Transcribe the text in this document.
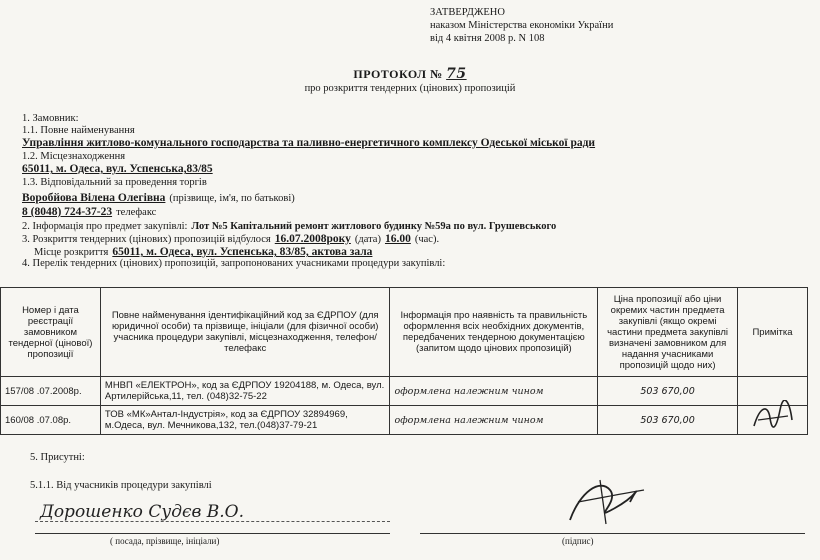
ЗАТВЕРДЖЕНО
наказом Міністерства економіки України
від 4 квітня 2008 р. N 108
ПРОТОКОЛ № 75
про розкриття тендерних (цінових) пропозицій
1. Замовник:
1.1. Повне найменування
Управління житлово-комунального господарства та паливно-енергетичного комплексу Одеської міської ради
1.2. Місцезнаходження
65011, м. Одеса, вул. Успенська,83/85
1.3. Відповідальний за проведення торгів
Воробйова Вілена Олегівна (прізвище, ім'я, по батькові)
8 (8048) 724-37-23 телефакс
2. Інформація про предмет закупівлі: Лот №5 Капітальний ремонт житлового будинку №59а по вул. Грушевського
3. Розкриття тендерних (цінових) пропозицій відбулося 16.07.2008року (дата) 16.00 (час).
Місце розкриття 65011, м. Одеса, вул. Успенська, 83/85, актова зала
4. Перелік тендерних (цінових) пропозицій, запропонованих учасниками процедури закупівлі:
Номер і дата реєстрації замовником тендерної (цінової) пропозиції	Повне найменування ідентифікаційний код за ЄДРПОУ (для юридичної особи) та прізвище, ініціали (для фізичної особи) учасника процедури закупівлі, місцезнаходження, телефон/телефакс	Інформація про наявність та правильність оформлення всіх необхідних документів, передбачених тендерною документацією (запитом щодо цінових пропозицій)	Ціна пропозиції або ціни окремих частин предмета закупівлі (якщо окремі частини предмета закупівлі визначені замовником для надання учасниками пропозицій щодо них)	Примітка
157/08 .07.2008р.	МНВП «ЕЛЕКТРОН», код за ЄДРПОУ 19204188, м. Одеса, вул. Артилерійська,11, тел. (048)32-75-22	оформлена належним чином	503 670,00	
160/08 .07.08р.	ТОВ «МК»Антал-Індустрія», код за ЄДРПОУ 32894969, м.Одеса, вул. Мечникова,132, тел.(048)37-79-21	оформлена належним чином	503 670,00	
5. Присутні:
5.1.1. Від учасників процедури закупівлі
Дорошенко Судєв В.О.
( посада, прізвище, ініціали)	(підпис)
